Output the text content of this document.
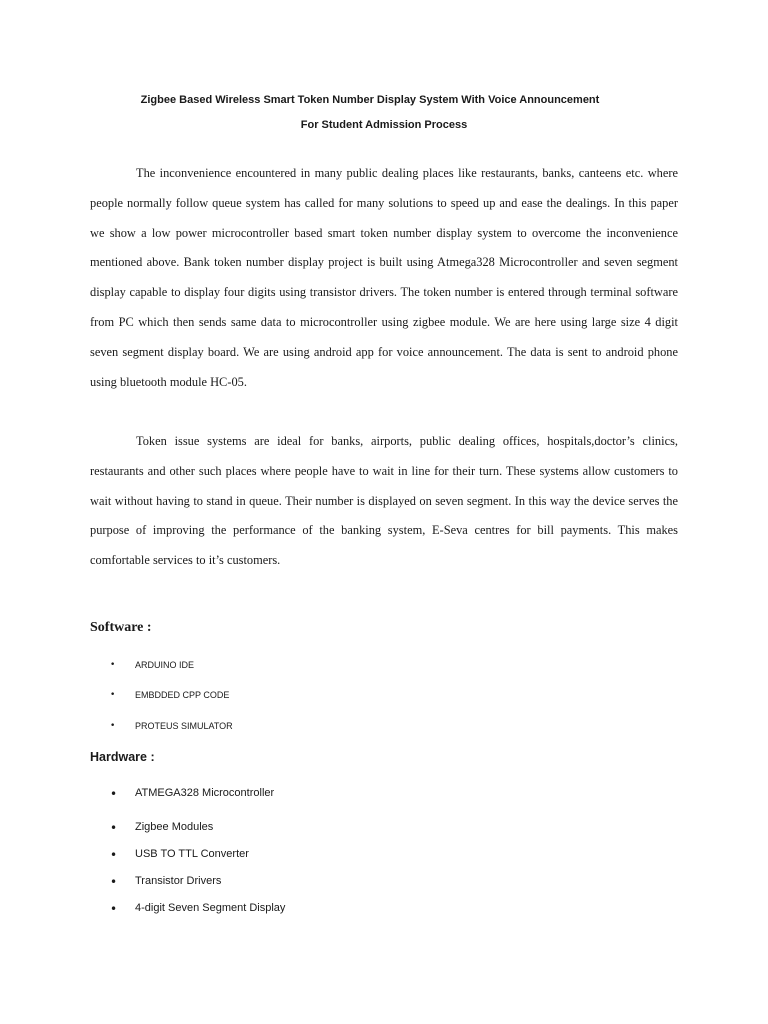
Zigbee Based Wireless Smart Token Number Display System With Voice Announcement
For Student Admission Process

The inconvenience encountered in many public dealing places like restaurants, banks, canteens etc. where people normally follow queue system has called for many solutions to speed up and ease the dealings. In this paper we show a low power microcontroller based smart token number display system to overcome the inconvenience mentioned above. Bank token number display project is built using Atmega328 Microcontroller and seven segment display capable to display four digits using transistor drivers. The token number is entered through terminal software from PC which then sends same data to microcontroller using zigbee module. We are here using large size 4 digit seven segment display board. We are using android app for voice announcement. The data is sent to android phone using bluetooth module HC-05.

Token issue systems are ideal for banks, airports, public dealing offices, hospitals,doctor’s clinics, restaurants and other such places where people have to wait in line for their turn. These systems allow customers to wait without having to stand in queue. Their number is displayed on seven segment. In this way the device serves the purpose of improving the performance of the banking system, E-Seva centres for bill payments. This makes comfortable services to it’s customers.

Software :
• ARDUINO IDE
• EMBDDED CPP CODE
• PROTEUS SIMULATOR
Hardware :
• ATMEGA328 Microcontroller
• Zigbee Modules
• USB TO TTL Converter
• Transistor Drivers
• 4-digit Seven Segment Display
